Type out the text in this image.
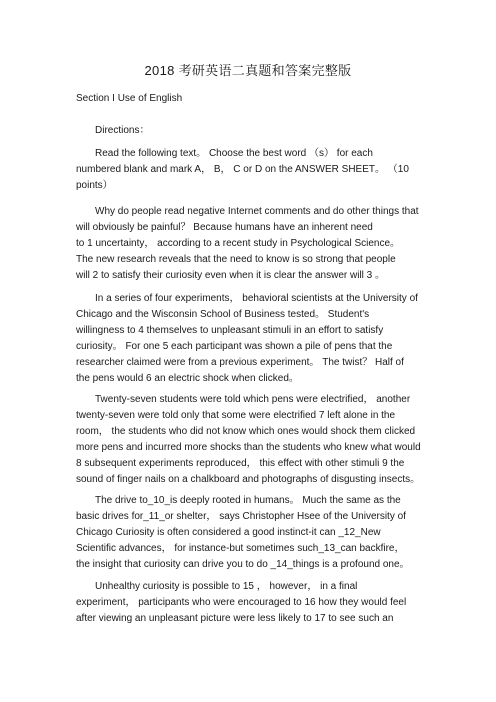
2018 考研英语二真题和答案完整版
Section I Use of English
Directions：
Read the following text。 Choose the best word （s） for each
numbered blank and mark A， B， C or D on the ANSWER SHEET。 （10
points）
Why do people read negative Internet comments and do other things that
will obviously be painful？ Because humans have an inherent need
to 1 uncertainty， according to a recent study in Psychological Science。
The new research reveals that the need to know is so strong that people
will 2 to satisfy their curiosity even when it is clear the answer will 3 。
In a series of four experiments， behavioral scientists at the University of
Chicago and the Wisconsin School of Business tested。 Student's
willingness to 4 themselves to unpleasant stimuli in an effort to satisfy
curiosity。 For one 5 each participant was shown a pile of pens that the
researcher claimed were from a previous experiment。 The twist？ Half of
the pens would 6 an electric shock when clicked。
Twenty-seven students were told which pens were electrified， another
twenty-seven were told only that some were electrified 7 left alone in the
room， the students who did not know which ones would shock them clicked
more pens and incurred more shocks than the students who knew what would
8 subsequent experiments reproduced， this effect with other stimuli 9 the
sound of finger nails on a chalkboard and photographs of disgusting insects。
The drive to_10_is deeply rooted in humans。 Much the same as the
basic drives for_11_or shelter， says Christopher Hsee of the University of
Chicago Curiosity is often considered a good instinct-it can _12_New
Scientific advances， for instance-but sometimes such_13_can backfire，
the insight that curiosity can drive you to do _14_things is a profound one。
Unhealthy curiosity is possible to 15 ， however， in a final
experiment， participants who were encouraged to 16 how they would feel
after viewing an unpleasant picture were less likely to 17 to see such an
